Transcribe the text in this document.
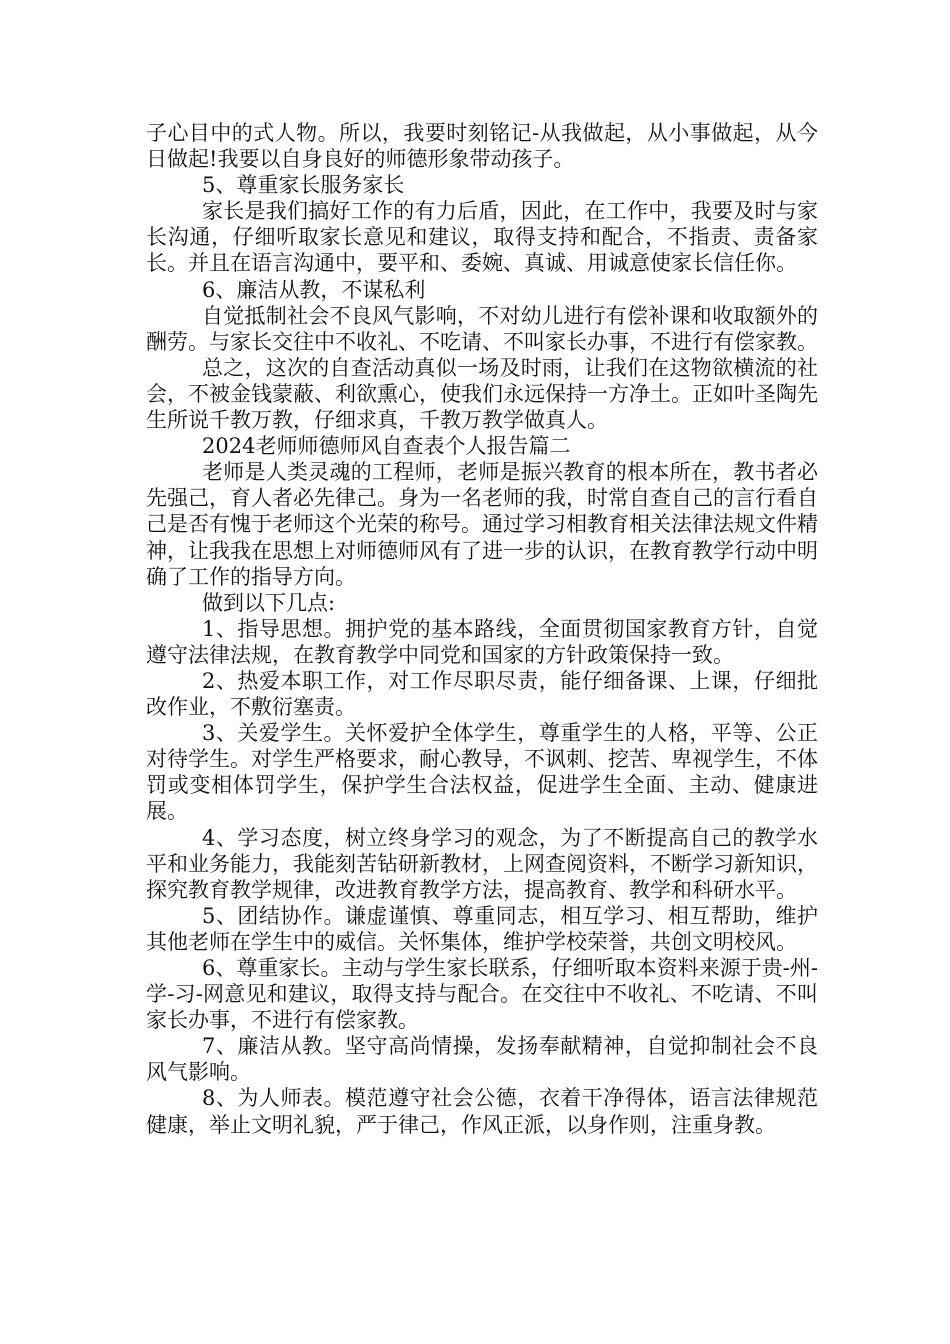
子心目中的式人物。所以，我要时刻铭记-从我做起，从小事做起，从今日做起!我要以自身良好的师德形象带动孩子。

5、尊重家长服务家长

家长是我们搞好工作的有力后盾，因此，在工作中，我要及时与家长沟通，仔细听取家长意见和建议，取得支持和配合，不指责、责备家长。并且在语言沟通中，要平和、委婉、真诚、用诚意使家长信任你。

6、廉洁从教，不谋私利

自觉抵制社会不良风气影响，不对幼儿进行有偿补课和收取额外的酬劳。与家长交往中不收礼、不吃请、不叫家长办事，不进行有偿家教。

总之，这次的自查活动真似一场及时雨，让我们在这物欲横流的社会，不被金钱蒙蔽、利欲熏心，使我们永远保持一方净土。正如叶圣陶先生所说千教万教，仔细求真，千教万教学做真人。

2024老师师德师风自查表个人报告篇二

老师是人类灵魂的工程师，老师是振兴教育的根本所在，教书者必先强己，育人者必先律己。身为一名老师的我，时常自查自己的言行看自己是否有愧于老师这个光荣的称号。通过学习相教育相关法律法规文件精神，让我我在思想上对师德师风有了进一步的认识，在教育教学行动中明确了工作的指导方向。

做到以下几点:

1、指导思想。拥护党的基本路线，全面贯彻国家教育方针，自觉遵守法律法规，在教育教学中同党和国家的方针政策保持一致。

2、热爱本职工作，对工作尽职尽责，能仔细备课、上课，仔细批改作业，不敷衍塞责。

3、关爱学生。关怀爱护全体学生，尊重学生的人格，平等、公正对待学生。对学生严格要求，耐心教导，不讽刺、挖苦、卑视学生，不体罚或变相体罚学生，保护学生合法权益，促进学生全面、主动、健康进展。

4、学习态度，树立终身学习的观念，为了不断提高自己的教学水平和业务能力，我能刻苦钻研新教材，上网查阅资料，不断学习新知识，探究教育教学规律，改进教育教学方法，提高教育、教学和科研水平。

5、团结协作。谦虚谨慎、尊重同志，相互学习、相互帮助，维护其他老师在学生中的威信。关怀集体，维护学校荣誉，共创文明校风。

6、尊重家长。主动与学生家长联系，仔细听取本资料来源于贵-州-学-习-网意见和建议，取得支持与配合。在交往中不收礼、不吃请、不叫家长办事，不进行有偿家教。

7、廉洁从教。坚守高尚情操，发扬奉献精神，自觉抑制社会不良风气影响。

8、为人师表。模范遵守社会公德，衣着干净得体，语言法律规范健康，举止文明礼貌，严于律己，作风正派，以身作则，注重身教。
